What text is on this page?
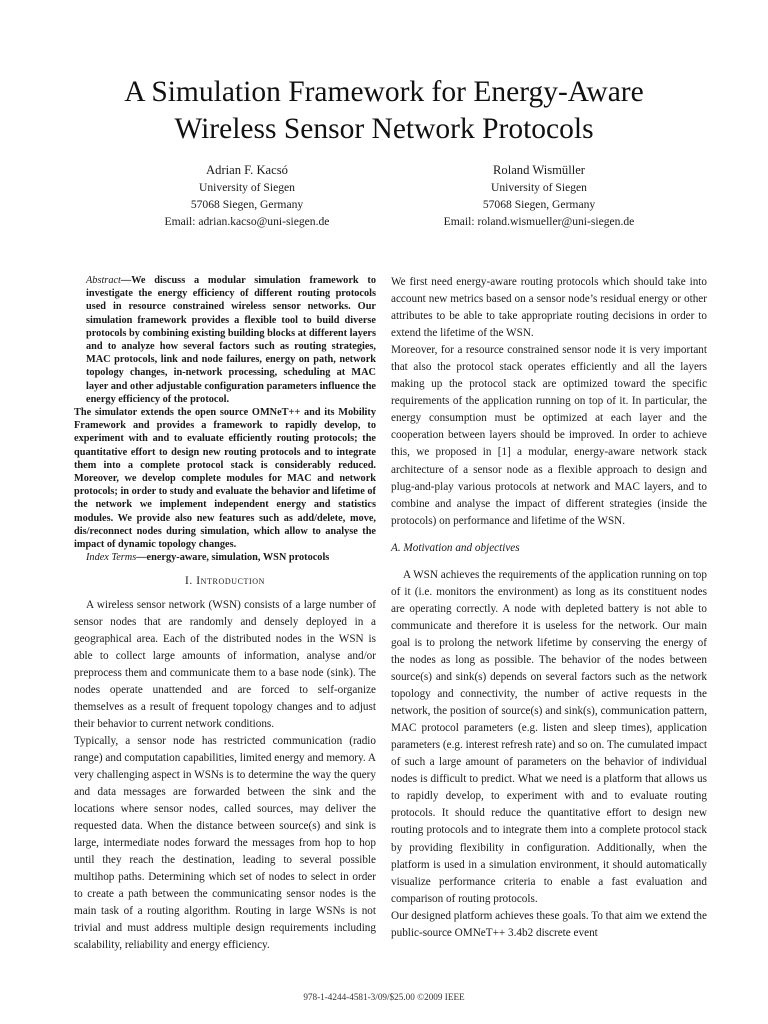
A Simulation Framework for Energy-Aware
Wireless Sensor Network Protocols
Adrian F. Kacsó
University of Siegen
57068 Siegen, Germany
Email: adrian.kacso@uni-siegen.de
Roland Wismüller
University of Siegen
57068 Siegen, Germany
Email: roland.wismueller@uni-siegen.de

Abstract—We discuss a modular simulation framework to investigate the energy efficiency of different routing protocols used in resource constrained wireless sensor networks. Our simulation framework provides a flexible tool to build diverse protocols by combining existing building blocks at different layers and to analyze how several factors such as routing strategies, MAC protocols, link and node failures, energy on path, network topology changes, in-network processing, scheduling at MAC layer and other adjustable configuration parameters influence the energy efficiency of the protocol.

The simulator extends the open source OMNeT++ and its Mobility Framework and provides a framework to rapidly develop, to experiment with and to evaluate efficiently routing protocols; the quantitative effort to design new routing protocols and to integrate them into a complete protocol stack is considerably reduced. Moreover, we develop complete modules for MAC and network protocols; in order to study and evaluate the behavior and lifetime of the network we implement independent energy and statistics modules. We provide also new features such as add/delete, move, dis/reconnect nodes during simulation, which allow to analyse the impact of dynamic topology changes.

Index Terms—energy-aware, simulation, WSN protocols

I. Introduction

A wireless sensor network (WSN) consists of a large number of sensor nodes that are randomly and densely deployed in a geographical area. Each of the distributed nodes in the WSN is able to collect large amounts of information, analyse and/or preprocess them and communicate them to a base node (sink). The nodes operate unattended and are forced to self-organize themselves as a result of frequent topology changes and to adjust their behavior to current network conditions.

Typically, a sensor node has restricted communication (radio range) and computation capabilities, limited energy and memory. A very challenging aspect in WSNs is to determine the way the query and data messages are forwarded between the sink and the locations where sensor nodes, called sources, may deliver the requested data. When the distance between source(s) and sink is large, intermediate nodes forward the messages from hop to hop until they reach the destination, leading to several possible multihop paths. Determining which set of nodes to select in order to create a path between the communicating sensor nodes is the main task of a routing algorithm. Routing in large WSNs is not trivial and must address multiple design requirements including scalability, reliability and energy efficiency.

We first need energy-aware routing protocols which should take into account new metrics based on a sensor node’s residual energy or other attributes to be able to take appropriate routing decisions in order to extend the lifetime of the WSN.

Moreover, for a resource constrained sensor node it is very important that also the protocol stack operates efficiently and all the layers making up the protocol stack are optimized toward the specific requirements of the application running on top of it. In particular, the energy consumption must be optimized at each layer and the cooperation between layers should be improved. In order to achieve this, we proposed in [1] a modular, energy-aware network stack architecture of a sensor node as a flexible approach to design and plug-and-play various protocols at network and MAC layers, and to combine and analyse the impact of different strategies (inside the protocols) on performance and lifetime of the WSN.

A. Motivation and objectives

A WSN achieves the requirements of the application running on top of it (i.e. monitors the environment) as long as its constituent nodes are operating correctly. A node with depleted battery is not able to communicate and therefore it is useless for the network. Our main goal is to prolong the network lifetime by conserving the energy of the nodes as long as possible. The behavior of the nodes between source(s) and sink(s) depends on several factors such as the network topology and connectivity, the number of active requests in the network, the position of source(s) and sink(s), communication pattern, MAC protocol parameters (e.g. listen and sleep times), application parameters (e.g. interest refresh rate) and so on. The cumulated impact of such a large amount of parameters on the behavior of individual nodes is difficult to predict. What we need is a platform that allows us to rapidly develop, to experiment with and to evaluate routing protocols. It should reduce the quantitative effort to design new routing protocols and to integrate them into a complete protocol stack by providing flexibility in configuration. Additionally, when the platform is used in a simulation environment, it should automatically visualize performance criteria to enable a fast evaluation and comparison of routing protocols.

Our designed platform achieves these goals. To that aim we extend the public-source OMNeT++ 3.4b2 discrete event

978-1-4244-4581-3/09/$25.00 ©2009 IEEE
